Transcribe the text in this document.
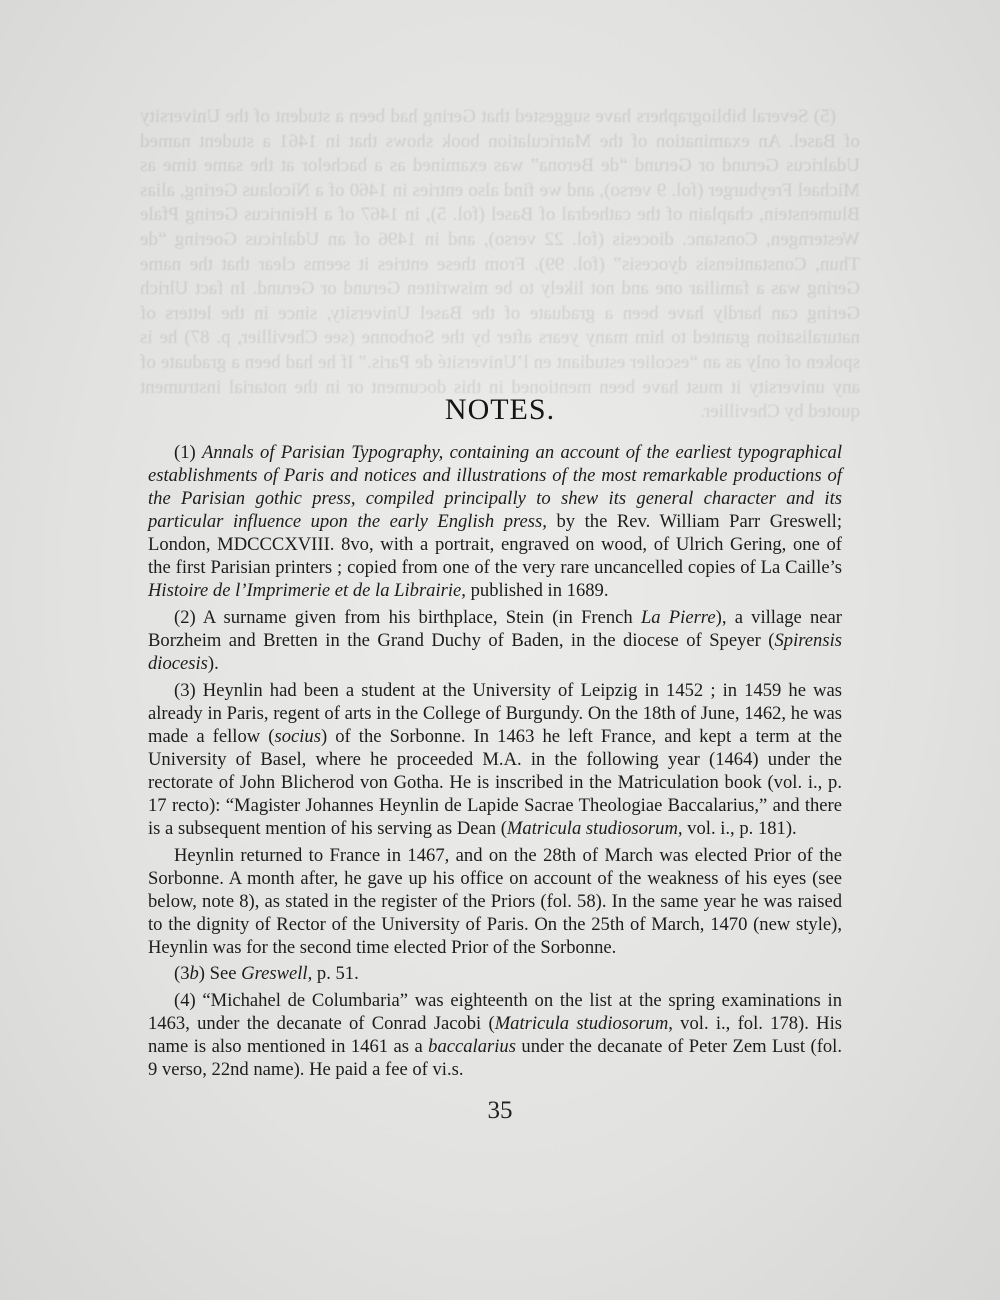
(5) Several bibliographers have suggested that Gering had been a student of the University of Basel. An examination of the Matriculation book shows that in 1461 a student named Udalricus Gerund or Gerund “de Berona” was examined as a bachelor at the same time as Michael Freyburger (fol. 9 verso), and we find also entries in 1460 of a Nicolaus Gering, alias Blumenstein, chaplain of the cathedral of Basel (fol. 5), in 1467 of a Heinricus Gering Pfale Westerngen, Constanc. diocesis (fol. 22 verso), and in 1496 of an Udalricus Goering “de Thun, Constantiensis dyocesis” (fol. 99). From these entries it seems clear that the name Gering was a familiar one and not likely to be miswritten Gerund or Gerund. In fact Ulrich Gering can hardly have been a graduate of the Basel University, since in the letters of naturalisation granted to him many years after by the Sorbonne (see Chevillier, p. 87) he is spoken of only as an “escolier estudiant en l’Université de Paris.” If he had been a graduate of any university it must have been mentioned in this document or in the notarial instrument quoted by Chevillier.

NOTES.

(1) Annals of Parisian Typography, containing an account of the earliest typographical establishments of Paris and notices and illustrations of the most remarkable productions of the Parisian gothic press, compiled principally to shew its general character and its particular influence upon the early English press, by the Rev. William Parr Greswell; London, MDCCCXVIII. 8vo, with a portrait, engraved on wood, of Ulrich Gering, one of the first Parisian printers ; copied from one of the very rare uncancelled copies of La Caille’s Histoire de l’Imprimerie et de la Librairie, published in 1689.

(2) A surname given from his birthplace, Stein (in French La Pierre), a village near Borzheim and Bretten in the Grand Duchy of Baden, in the diocese of Speyer (Spirensis diocesis).

(3) Heynlin had been a student at the University of Leipzig in 1452 ; in 1459 he was already in Paris, regent of arts in the College of Burgundy. On the 18th of June, 1462, he was made a fellow (socius) of the Sorbonne. In 1463 he left France, and kept a term at the University of Basel, where he proceeded M.A. in the following year (1464) under the rectorate of John Blicherod von Gotha. He is inscribed in the Matriculation book (vol. i., p. 17 recto): “Magister Johannes Heynlin de Lapide Sacrae Theologiae Baccalarius,” and there is a subsequent mention of his serving as Dean (Matricula studiosorum, vol. i., p. 181).

Heynlin returned to France in 1467, and on the 28th of March was elected Prior of the Sorbonne. A month after, he gave up his office on account of the weakness of his eyes (see below, note 8), as stated in the register of the Priors (fol. 58). In the same year he was raised to the dignity of Rector of the University of Paris. On the 25th of March, 1470 (new style), Heynlin was for the second time elected Prior of the Sorbonne.

(3b) See Greswell, p. 51.

(4) “Michahel de Columbaria” was eighteenth on the list at the spring examinations in 1463, under the decanate of Conrad Jacobi (Matricula studiosorum, vol. i., fol. 178). His name is also mentioned in 1461 as a baccalarius under the decanate of Peter Zem Lust (fol. 9 verso, 22nd name). He paid a fee of vi.s.

35
